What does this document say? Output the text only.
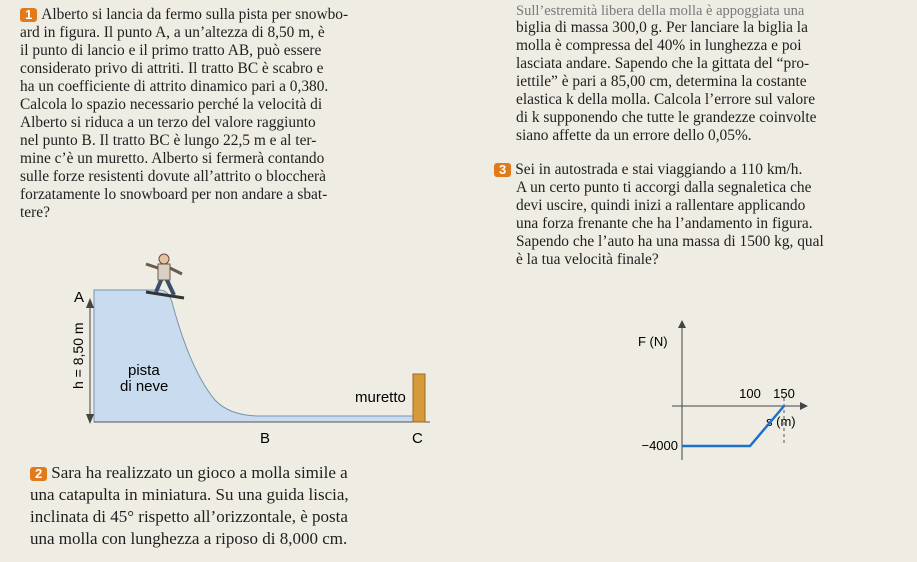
1 Alberto si lancia da fermo sulla pista per snowbo-

ard in figura. Il punto A, a un’altezza di 8,50 m, è

il punto di lancio e il primo tratto AB, può essere

considerato privo di attriti. Il tratto BC è scabro e

ha un coefficiente di attrito dinamico pari a 0,380.

Calcola lo spazio necessario perché la velocità di

Alberto si riduca a un terzo del valore raggiunto

nel punto B. Il tratto BC è lungo 22,5 m e al ter-

mine c’è un muretto. Alberto si fermerà contando

sulle forze resistenti dovute all’attrito o bloccherà

forzatamente lo snowboard per non andare a sbat-

tere?

A
h = 8,50 m	pista
di neve
muretto
B	C

2 Sara ha realizzato un gioco a molla simile a

una catapulta in miniatura. Su una guida liscia,

inclinata di 45° rispetto all’orizzontale, è posta

una molla con lunghezza a riposo di 8,000 cm.

Sull’estremità libera della molla è appoggiata una

biglia di massa 300,0 g. Per lanciare la biglia la

molla è compressa del 40% in lunghezza e poi

lasciata andare. Sapendo che la gittata del “pro-

iettile” è pari a 85,00 cm, determina la costante

elastica k della molla. Calcola l’errore sul valore

di k supponendo che tutte le grandezze coinvolte

siano affette da un errore dello 0,05%.

3 Sei in autostrada e stai viaggiando a 110 km/h.

A un certo punto ti accorgi dalla segnaletica che

devi uscire, quindi inizi a rallentare applicando

una forza frenante che ha l’andamento in figura.

Sapendo che l’auto ha una massa di 1500 kg, qual

è la tua velocità finale?

F (N)
s (m)
100 150
−4000
